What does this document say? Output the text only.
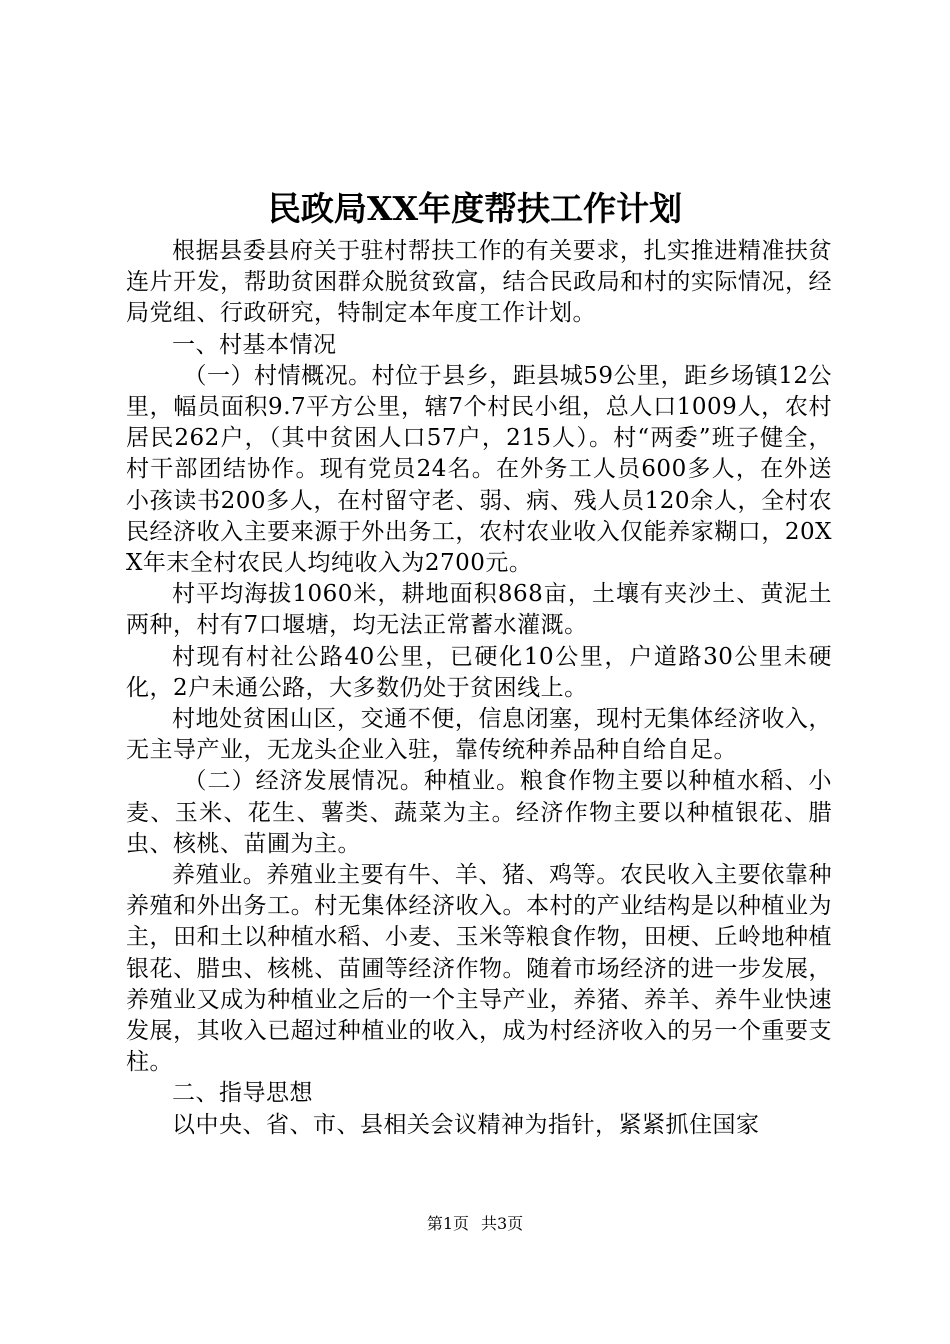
民政局XX年度帮扶工作计划

根据县委县府关于驻村帮扶工作的有关要求，扎实推进精准扶贫连片开发，帮助贫困群众脱贫致富，结合民政局和村的实际情况，经局党组、行政研究，特制定本年度工作计划。

一、村基本情况

（一）村情概况。村位于县乡，距县城59公里，距乡场镇12公里，幅员面积9.7平方公里，辖7个村民小组，总人口1009人，农村居民262户，（其中贫困人口57户，215人）。村“两委”班子健全，村干部团结协作。现有党员24名。在外务工人员600多人，在外送小孩读书200多人，在村留守老、弱、病、残人员120余人，全村农民经济收入主要来源于外出务工，农村农业收入仅能养家糊口，20XX年末全村农民人均纯收入为2700元。

村平均海拔1060米，耕地面积868亩，土壤有夹沙土、黄泥土两种，村有7口堰塘，均无法正常蓄水灌溉。

村现有村社公路40公里，已硬化10公里，户道路30公里未硬化，2户未通公路，大多数仍处于贫困线上。

村地处贫困山区，交通不便，信息闭塞，现村无集体经济收入，无主导产业，无龙头企业入驻，靠传统种养品种自给自足。

（二）经济发展情况。种植业。粮食作物主要以种植水稻、小麦、玉米、花生、薯类、蔬菜为主。经济作物主要以种植银花、腊虫、核桃、苗圃为主。

养殖业。养殖业主要有牛、羊、猪、鸡等。农民收入主要依靠种养殖和外出务工。村无集体经济收入。本村的产业结构是以种植业为主，田和土以种植水稻、小麦、玉米等粮食作物，田梗、丘岭地种植银花、腊虫、核桃、苗圃等经济作物。随着市场经济的进一步发展，养殖业又成为种植业之后的一个主导产业，养猪、养羊、养牛业快速发展，其收入已超过种植业的收入，成为村经济收入的另一个重要支柱。

二、指导思想

以中央、省、市、县相关会议精神为指针，紧紧抓住国家

第1页 共3页
